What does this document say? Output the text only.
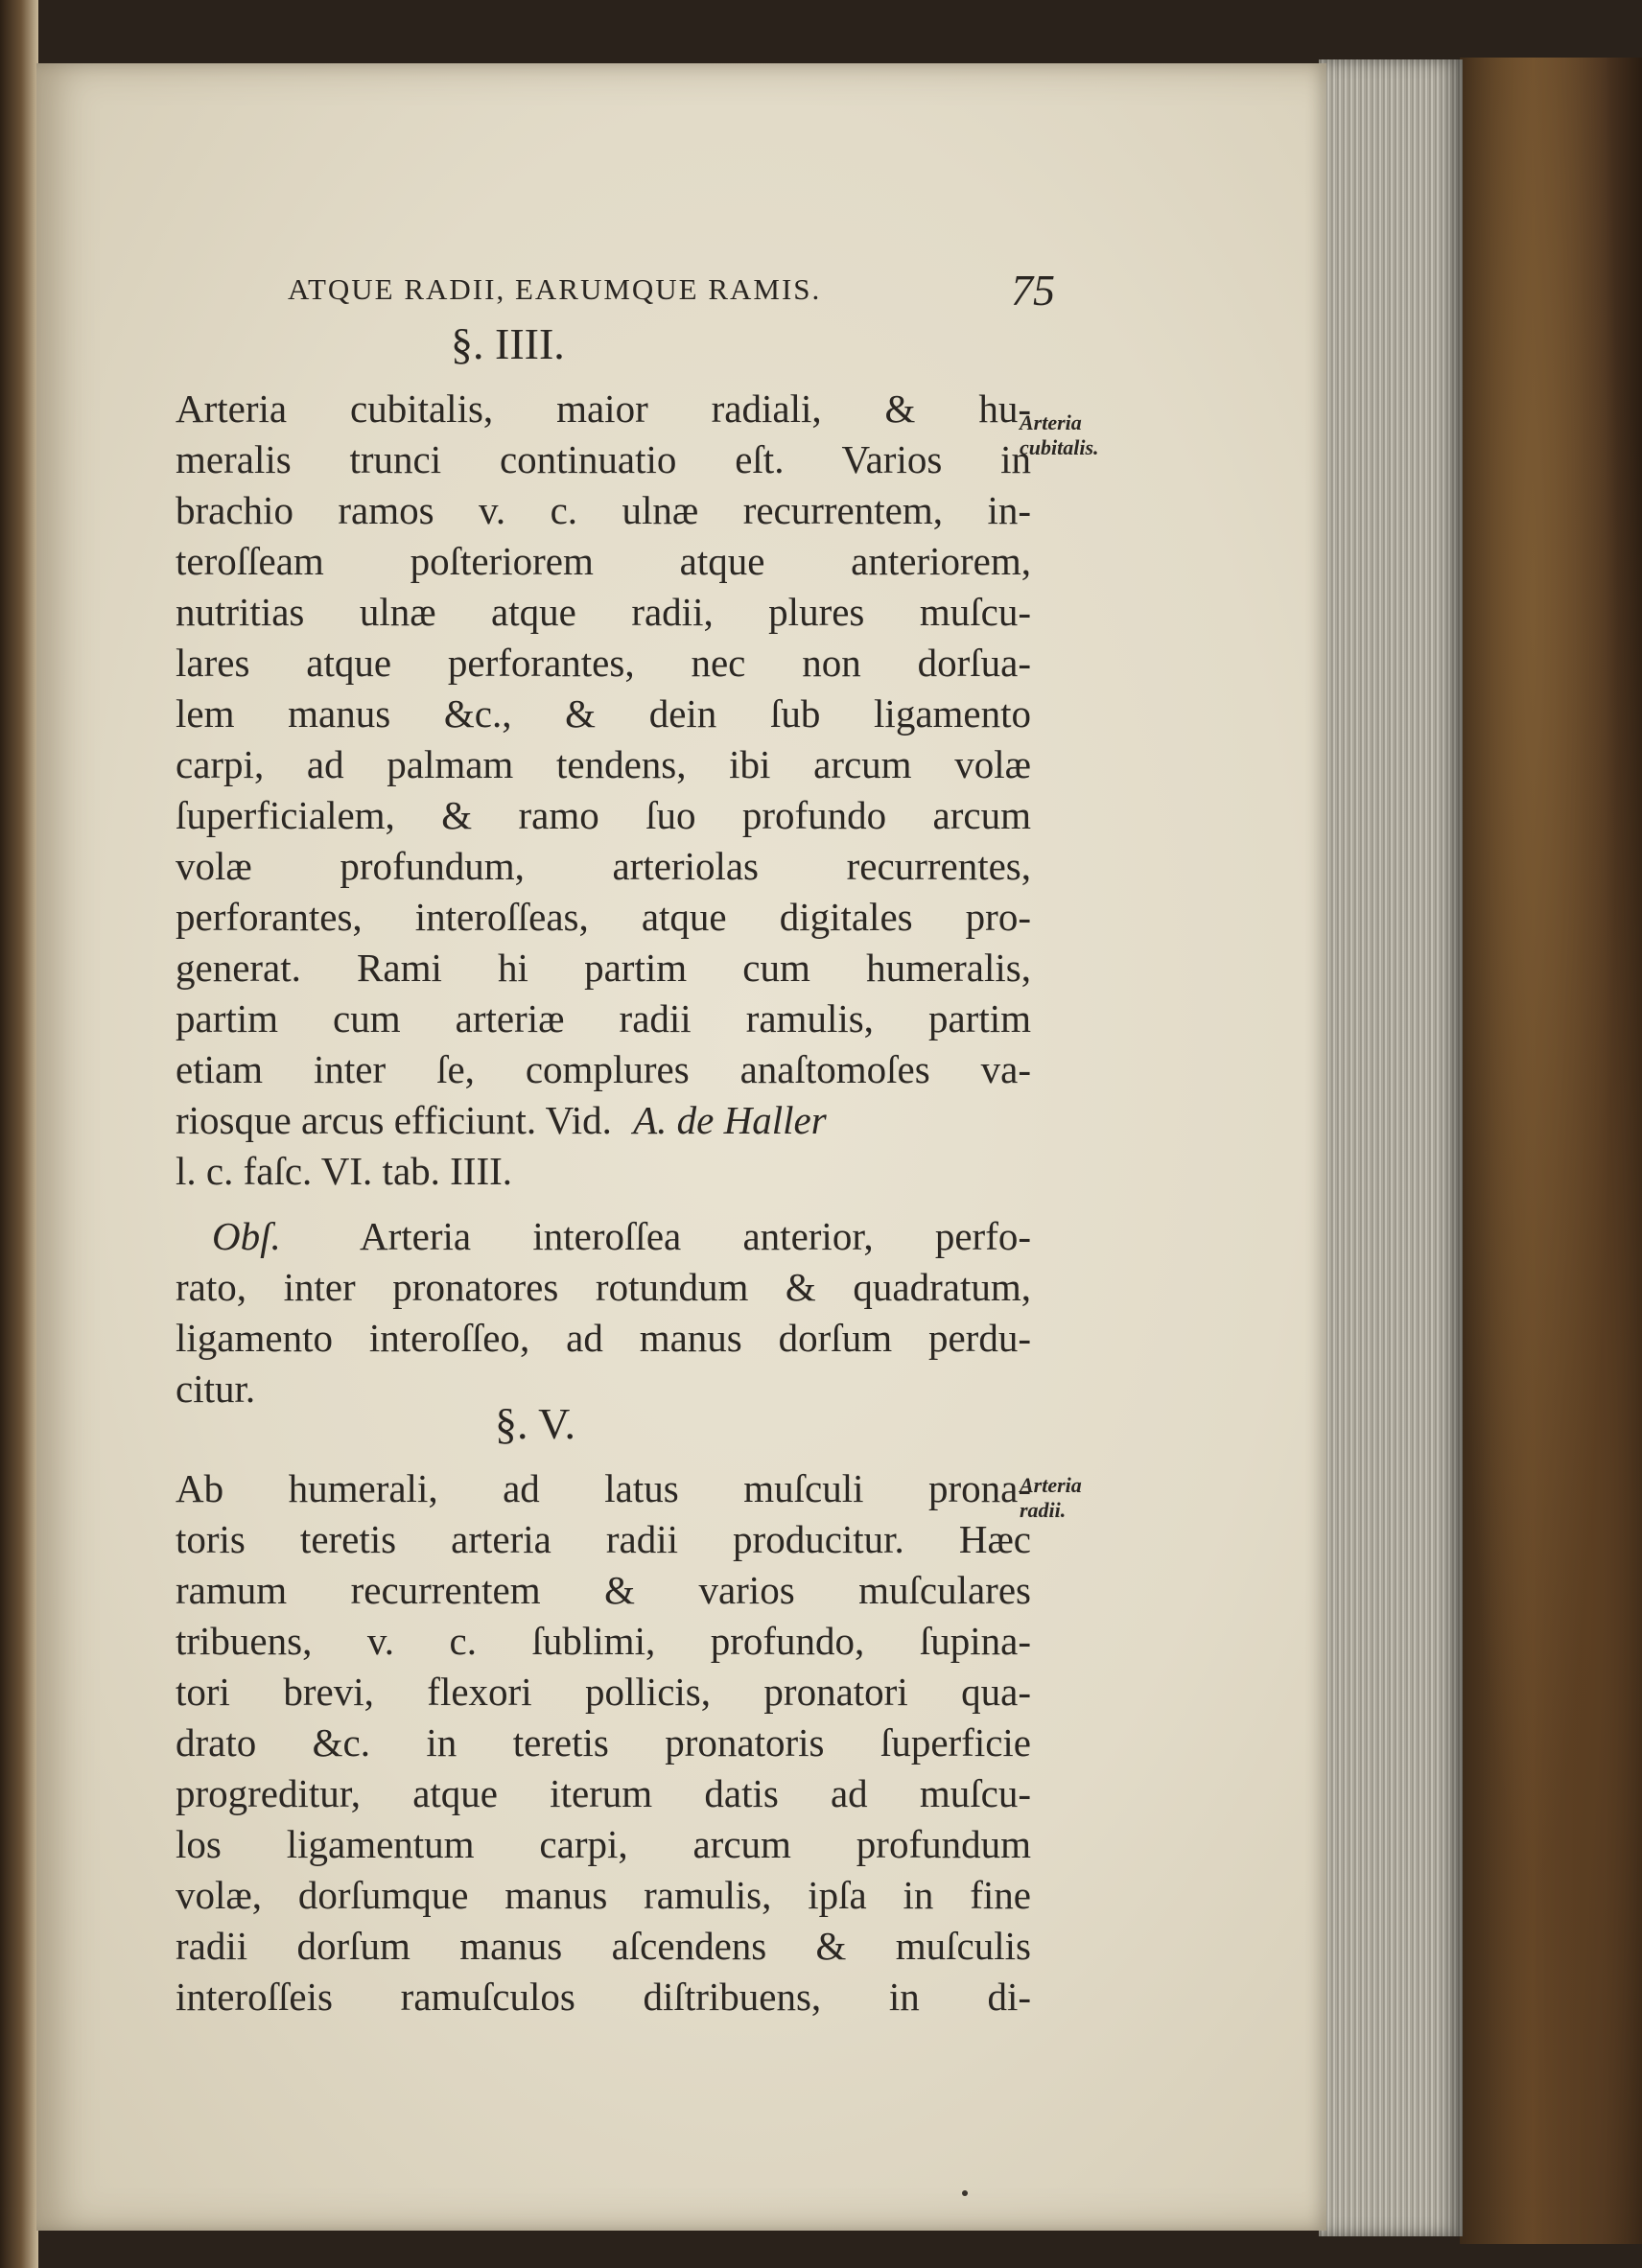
ATQUE RADII, EARUMQUE RAMIS.	75
§. IIII.
Arteria cubitalis, maior radiali, & hu-
meralis trunci continuatio eſt. Varios in
brachio ramos v. c. ulnæ recurrentem, in-
teroſſeam poſteriorem atque anteriorem,
nutritias ulnæ atque radii, plures muſcu-
lares atque perforantes, nec non dorſua-
lem manus &c., & dein ſub ligamento
carpi, ad palmam tendens, ibi arcum volæ
ſuperficialem, & ramo ſuo profundo arcum
volæ profundum, arteriolas recurrentes,
perforantes, interoſſeas, atque digitales pro-
generat. Rami hi partim cum humeralis,
partim cum arteriæ radii ramulis, partim
etiam inter ſe, complures anaſtomoſes va-
riosque arcus efficiunt. Vid. A. de Haller
l. c. faſc. VI. tab. IIII.
Arteria
cubitalis.
Obſ. Arteria interoſſea anterior, perfo-
rato, inter pronatores rotundum & quadratum,
ligamento interoſſeo, ad manus dorſum perdu-
citur.
§. V.
Ab humerali, ad latus muſculi prona-
toris teretis arteria radii producitur. Hæc
ramum recurrentem & varios muſculares
tribuens, v. c. ſublimi, profundo, ſupina-
tori brevi, flexori pollicis, pronatori qua-
drato &c. in teretis pronatoris ſuperficie
progreditur, atque iterum datis ad muſcu-
los ligamentum carpi, arcum profundum
volæ, dorſumque manus ramulis, ipſa in fine
radii dorſum manus aſcendens & muſculis
interoſſeis ramuſculos diſtribuens, in di-
Arteria
radii.
